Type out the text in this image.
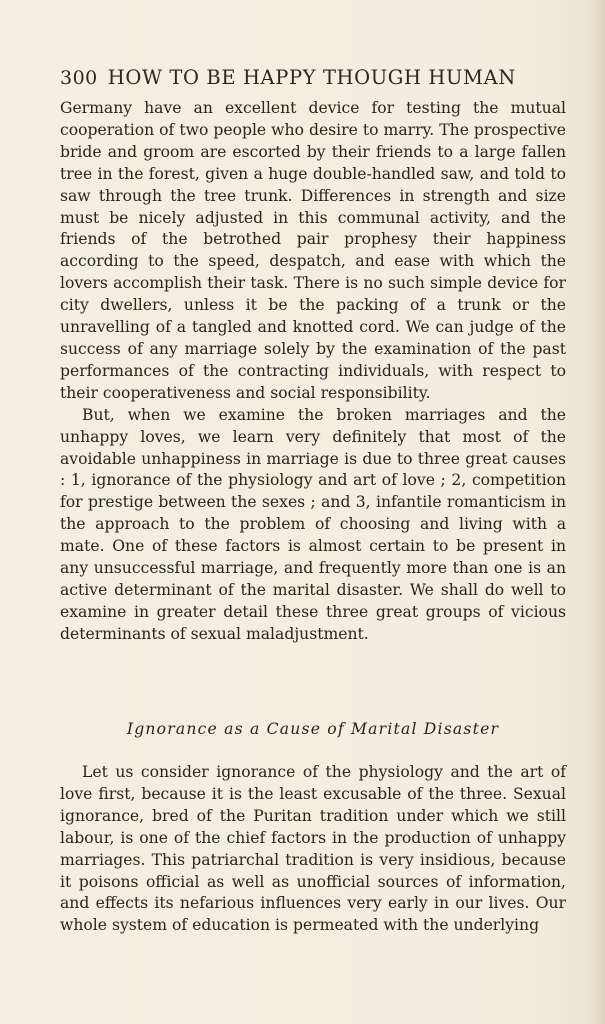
300 HOW TO BE HAPPY THOUGH HUMAN

Germany have an excellent device for testing the mutual cooperation of two people who desire to marry. The prospective bride and groom are escorted by their friends to a large fallen tree in the forest, given a huge double-handled saw, and told to saw through the tree trunk. Differences in strength and size must be nicely adjusted in this communal activity, and the friends of the betrothed pair prophesy their happiness according to the speed, despatch, and ease with which the lovers accomplish their task. There is no such simple device for city dwellers, unless it be the packing of a trunk or the unravelling of a tangled and knotted cord. We can judge of the success of any marriage solely by the examination of the past performances of the contracting individuals, with respect to their cooperativeness and social responsibility.

But, when we examine the broken marriages and the unhappy loves, we learn very definitely that most of the avoidable unhappiness in marriage is due to three great causes : 1, ignorance of the physiology and art of love ; 2, competition for prestige between the sexes ; and 3, infantile romanticism in the approach to the problem of choosing and living with a mate. One of these factors is almost certain to be present in any unsuccessful marriage, and frequently more than one is an active determinant of the marital disaster. We shall do well to examine in greater detail these three great groups of vicious determinants of sexual maladjustment.

Ignorance as a Cause of Marital Disaster

Let us consider ignorance of the physiology and the art of love first, because it is the least excusable of the three. Sexual ignorance, bred of the Puritan tradition under which we still labour, is one of the chief factors in the production of unhappy marriages. This patriarchal tradition is very insidious, because it poisons official as well as unofficial sources of information, and effects its nefarious influences very early in our lives. Our whole system of education is permeated with the underlying
